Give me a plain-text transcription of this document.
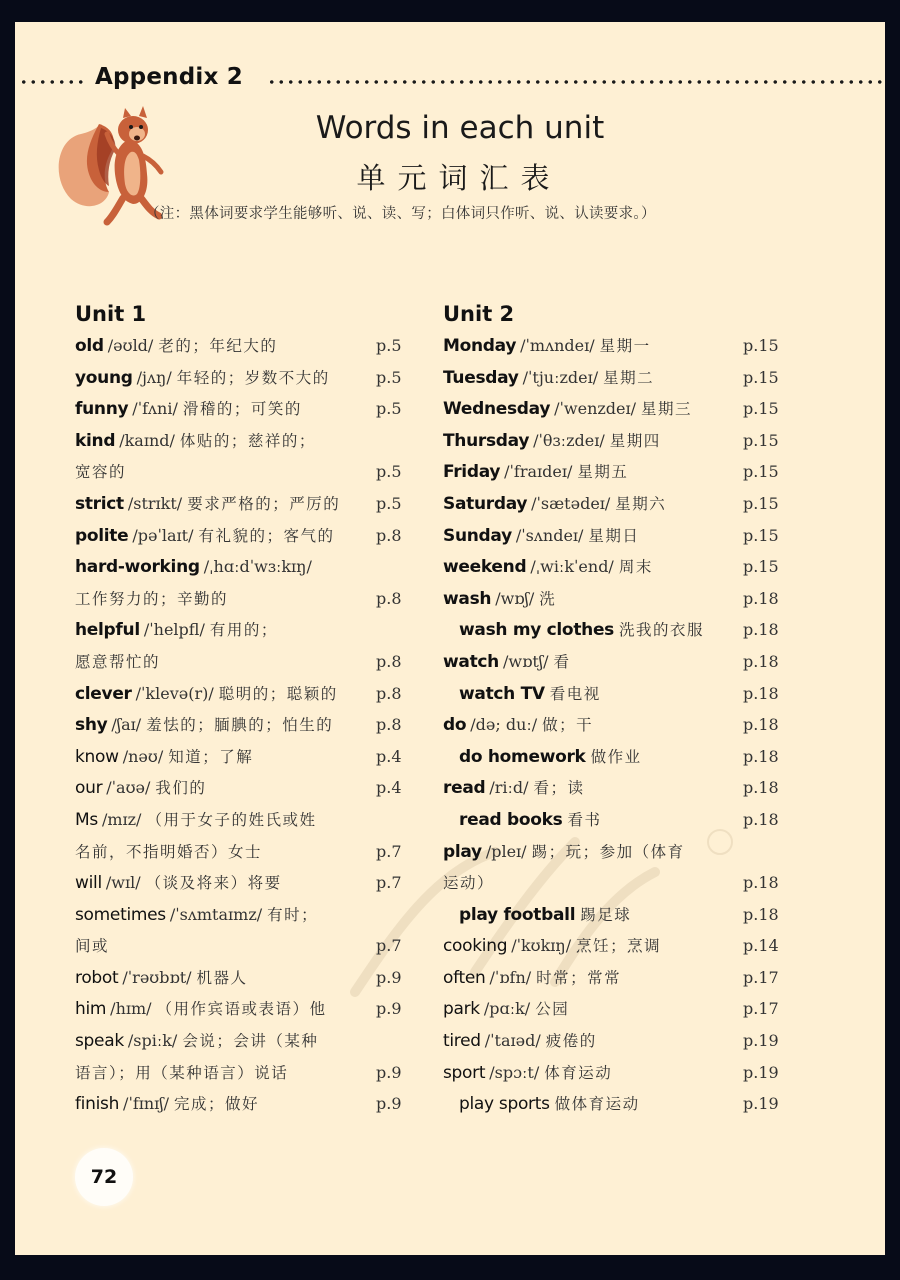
Appendix 2
Words in each unit
单元词汇表
（注：黑体词要求学生能够听、说、读、写；白体词只作听、说、认读要求。）
Unit 1
old /əʊld/ 老的；年纪大的	p.5
young /jʌŋ/ 年轻的；岁数不大的	p.5
funny /ˈfʌni/ 滑稽的；可笑的	p.5
kind /kaɪnd/ 体贴的；慈祥的；
宽容的	p.5
strict /strɪkt/ 要求严格的；严厉的 p.5
polite /pəˈlaɪt/ 有礼貌的；客气的	p.8
hard-working /ˌhɑːdˈwɜːkɪŋ/
工作努力的；辛勤的	p.8
helpful /ˈhelpfl/ 有用的；
愿意帮忙的	p.8
clever /ˈklevə(r)/ 聪明的；聪颖的 p.8
shy /ʃaɪ/ 羞怯的；腼腆的；怕生的	p.8
know /nəʊ/ 知道；了解	p.4
our /ˈaʊə/ 我们的	p.4
Ms /mɪz/ （用于女子的姓氏或姓
名前，不指明婚否）女士	p.7
will /wɪl/ （谈及将来）将要	p.7
sometimes /ˈsʌmtaɪmz/ 有时；
间或	p.7
robot /ˈrəʊbɒt/ 机器人	p.9
him /hɪm/ （用作宾语或表语）他	p.9
speak /spiːk/ 会说；会讲（某种
语言）；用（某种语言）说话	p.9
finish /ˈfɪnɪʃ/ 完成；做好	p.9
Unit 2
Monday /ˈmʌndeɪ/ 星期一	p.15
Tuesday /ˈtjuːzdeɪ/ 星期二	p.15
Wednesday /ˈwenzdeɪ/ 星期三	p.15
Thursday /ˈθɜːzdeɪ/ 星期四	p.15
Friday /ˈfraɪdeɪ/ 星期五	p.15
Saturday /ˈsætədeɪ/ 星期六	p.15
Sunday /ˈsʌndeɪ/ 星期日	p.15
weekend /ˌwiːkˈend/ 周末	p.15
wash /wɒʃ/ 洗	p.18
wash my clothes 洗我的衣服 p.18
watch /wɒtʃ/ 看	p.18
watch TV 看电视	p.18
do /də; duː/ 做；干	p.18
do homework 做作业	p.18
read /riːd/ 看；读	p.18
read books 看书	p.18
play /pleɪ/ 踢；玩；参加（体育
运动）	p.18
play football 踢足球	p.18
cooking /ˈkʊkɪŋ/ 烹饪；烹调	p.14
often /ˈɒfn/ 时常；常常	p.17
park /pɑːk/ 公园	p.17
tired /ˈtaɪəd/ 疲倦的	p.19
sport /spɔːt/ 体育运动	p.19
play sports 做体育运动	p.19
72
